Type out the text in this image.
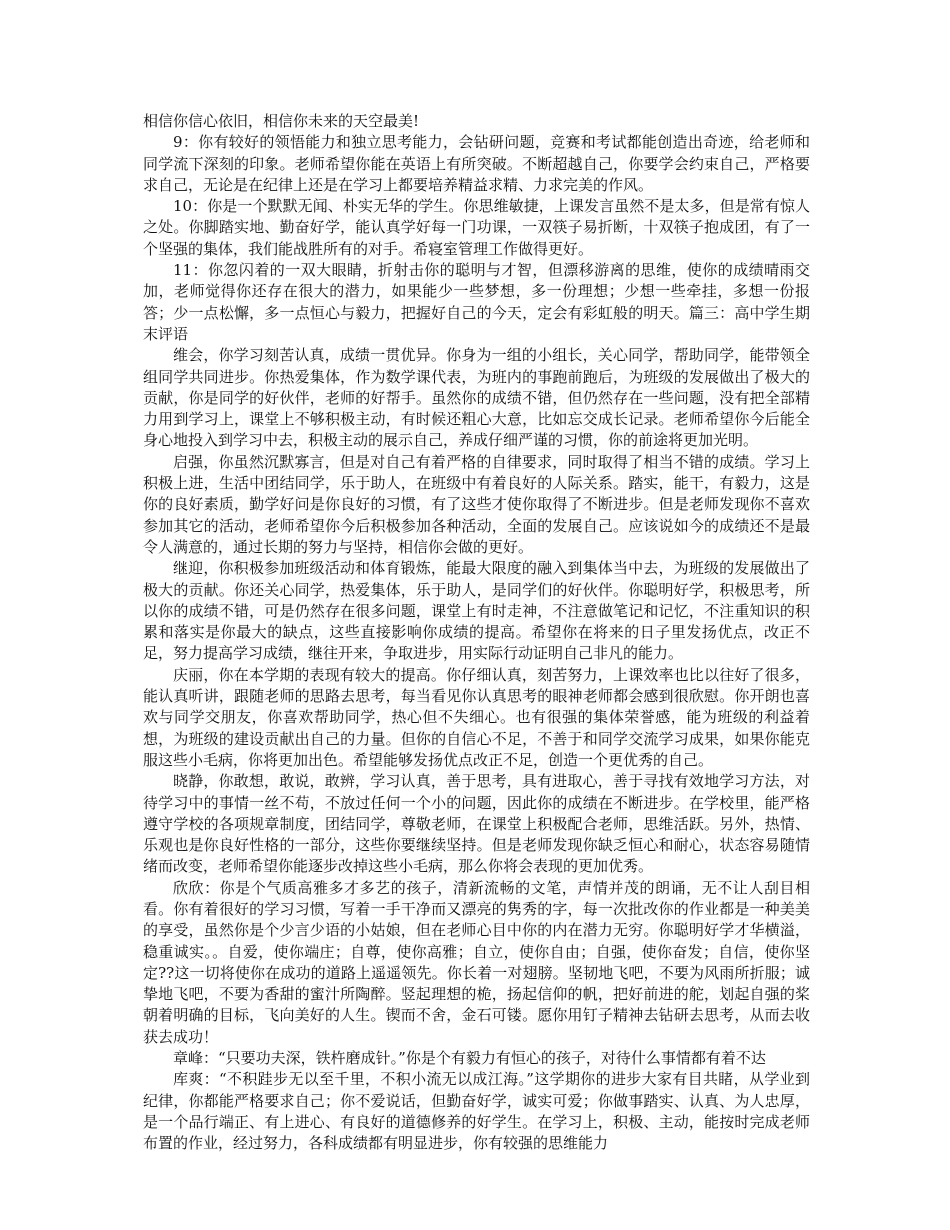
相信你信心依旧，相信你未来的天空最美!

9：你有较好的领悟能力和独立思考能力，会钻研问题，竞赛和考试都能创造出奇迹，给老师和同学流下深刻的印象。老师希望你能在英语上有所突破。不断超越自己，你要学会约束自己，严格要求自己，无论是在纪律上还是在学习上都要培养精益求精、力求完美的作风。

10：你是一个默默无闻、朴实无华的学生。你思维敏捷，上课发言虽然不是太多，但是常有惊人之处。你脚踏实地、勤奋好学，能认真学好每一门功课，一双筷子易折断，十双筷子抱成团，有了一个坚强的集体，我们能战胜所有的对手。希寝室管理工作做得更好。

11：你忽闪着的一双大眼睛，折射击你的聪明与才智，但漂移游离的思维，使你的成绩晴雨交加，老师觉得你还存在很大的潜力，如果能少一些梦想，多一份理想；少想一些牵挂，多想一份报答；少一点松懈，多一点恒心与毅力，把握好自己的今天，定会有彩虹般的明天。篇三：高中学生期末评语

维会，你学习刻苦认真，成绩一贯优异。你身为一组的小组长，关心同学，帮助同学，能带领全组同学共同进步。你热爱集体，作为数学课代表，为班内的事跑前跑后，为班级的发展做出了极大的贡献，你是同学的好伙伴，老师的好帮手。虽然你的成绩不错，但仍然存在一些问题，没有把全部精力用到学习上，课堂上不够积极主动，有时候还粗心大意，比如忘交成长记录。老师希望你今后能全身心地投入到学习中去，积极主动的展示自己，养成仔细严谨的习惯，你的前途将更加光明。

启强，你虽然沉默寡言，但是对自己有着严格的自律要求，同时取得了相当不错的成绩。学习上积极上进，生活中团结同学，乐于助人，在班级中有着良好的人际关系。踏实，能干，有毅力，这是你的良好素质，勤学好问是你良好的习惯，有了这些才使你取得了不断进步。但是老师发现你不喜欢参加其它的活动，老师希望你今后积极参加各种活动，全面的发展自己。应该说如今的成绩还不是最令人满意的，通过长期的努力与坚持，相信你会做的更好。

继迎，你积极参加班级活动和体育锻炼，能最大限度的融入到集体当中去，为班级的发展做出了极大的贡献。你还关心同学，热爱集体，乐于助人，是同学们的好伙伴。你聪明好学，积极思考，所以你的成绩不错，可是仍然存在很多问题，课堂上有时走神，不注意做笔记和记忆，不注重知识的积累和落实是你最大的缺点，这些直接影响你成绩的提高。希望你在将来的日子里发扬优点，改正不足，努力提高学习成绩，继往开来，争取进步，用实际行动证明自己非凡的能力。

庆丽，你在本学期的表现有较大的提高。你仔细认真，刻苦努力，上课效率也比以往好了很多，能认真听讲，跟随老师的思路去思考，每当看见你认真思考的眼神老师都会感到很欣慰。你开朗也喜欢与同学交朋友，你喜欢帮助同学，热心但不失细心。也有很强的集体荣誉感，能为班级的利益着想，为班级的建设贡献出自己的力量。但你的自信心不足，不善于和同学交流学习成果，如果你能克服这些小毛病，你将更加出色。希望能够发扬优点改正不足，创造一个更优秀的自己。

晓静，你敢想，敢说，敢辨，学习认真，善于思考，具有进取心，善于寻找有效地学习方法，对待学习中的事情一丝不苟，不放过任何一个小的问题，因此你的成绩在不断进步。在学校里，能严格遵守学校的各项规章制度，团结同学，尊敬老师，在课堂上积极配合老师，思维活跃。另外，热情、乐观也是你良好性格的一部分，这些你要继续坚持。但是老师发现你缺乏恒心和耐心，状态容易随情绪而改变，老师希望你能逐步改掉这些小毛病，那么你将会表现的更加优秀。

欣欣：你是个气质高雅多才多艺的孩子，清新流畅的文笔，声情并茂的朗诵，无不让人刮目相看。你有着很好的学习习惯，写着一手干净而又漂亮的隽秀的字，每一次批改你的作业都是一种美美的享受，虽然你是个少言少语的小姑娘，但在老师心目中你的内在潜力无穷。你聪明好学才华横溢，稳重诚实。。自爱，使你端庄；自尊，使你高雅；自立，使你自由；自强，使你奋发；自信，使你坚定??这一切将使你在成功的道路上遥遥领先。你长着一对翅膀。坚韧地飞吧，不要为风雨所折服；诚挚地飞吧，不要为香甜的蜜汁所陶醉。竖起理想的桅，扬起信仰的帆，把好前进的舵，划起自强的桨朝着明确的目标，飞向美好的人生。锲而不舍，金石可镂。愿你用钉子精神去钻研去思考，从而去收获去成功！

章峰：“只要功夫深，铁杵磨成针。”你是个有毅力有恒心的孩子，对待什么事情都有着不达

库爽：“不积跬步无以至千里，不积小流无以成江海。”这学期你的进步大家有目共睹，从学业到纪律，你都能严格要求自己；你不爱说话，但勤奋好学，诚实可爱；你做事踏实、认真、为人忠厚，是一个品行端正、有上进心、有良好的道德修养的好学生。在学习上，积极、主动，能按时完成老师布置的作业，经过努力，各科成绩都有明显进步，你有较强的思维能力
